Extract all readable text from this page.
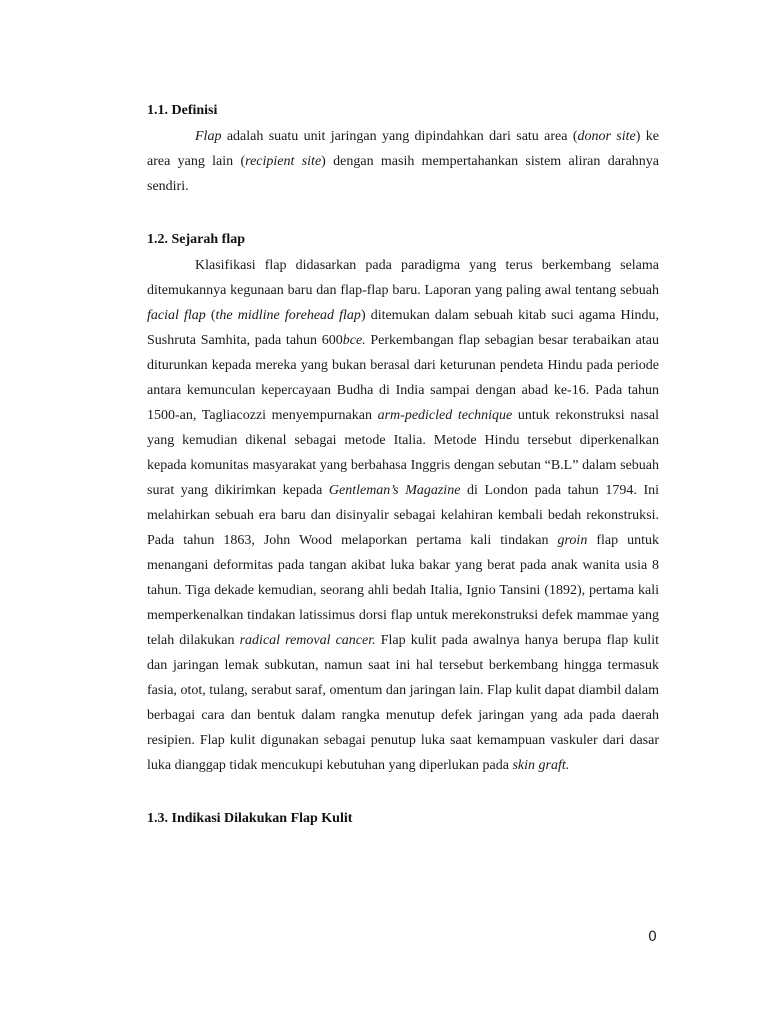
1.1. Definisi

Flap adalah suatu unit jaringan yang dipindahkan dari satu area (donor site) ke area yang lain (recipient site) dengan masih mempertahankan sistem aliran darahnya sendiri.

1.2. Sejarah flap

Klasifikasi flap didasarkan pada paradigma yang terus berkembang selama ditemukannya kegunaan baru dan flap-flap baru. Laporan yang paling awal tentang sebuah facial flap (the midline forehead flap) ditemukan dalam sebuah kitab suci agama Hindu, Sushruta Samhita, pada tahun 600bce. Perkembangan flap sebagian besar terabaikan atau diturunkan kepada mereka yang bukan berasal dari keturunan pendeta Hindu pada periode antara kemunculan kepercayaan Budha di India sampai dengan abad ke-16. Pada tahun 1500-an, Tagliacozzi menyempurnakan arm-pedicled technique untuk rekonstruksi nasal yang kemudian dikenal sebagai metode Italia. Metode Hindu tersebut diperkenalkan kepada komunitas masyarakat yang berbahasa Inggris dengan sebutan “B.L” dalam sebuah surat yang dikirimkan kepada Gentleman’s Magazine di London pada tahun 1794. Ini melahirkan sebuah era baru dan disinyalir sebagai kelahiran kembali bedah rekonstruksi. Pada tahun 1863, John Wood melaporkan pertama kali tindakan groin flap untuk menangani deformitas pada tangan akibat luka bakar yang berat pada anak wanita usia 8 tahun. Tiga dekade kemudian, seorang ahli bedah Italia, Ignio Tansini (1892), pertama kali memperkenalkan tindakan latissimus dorsi flap untuk merekonstruksi defek mammae yang telah dilakukan radical removal cancer. Flap kulit pada awalnya hanya berupa flap kulit dan jaringan lemak subkutan, namun saat ini hal tersebut berkembang hingga termasuk fasia, otot, tulang, serabut saraf, omentum dan jaringan lain. Flap kulit dapat diambil dalam berbagai cara dan bentuk dalam rangka menutup defek jaringan yang ada pada daerah resipien. Flap kulit digunakan sebagai penutup luka saat kemampuan vaskuler dari dasar luka dianggap tidak mencukupi kebutuhan yang diperlukan pada skin graft.

1.3. Indikasi Dilakukan Flap Kulit
0
